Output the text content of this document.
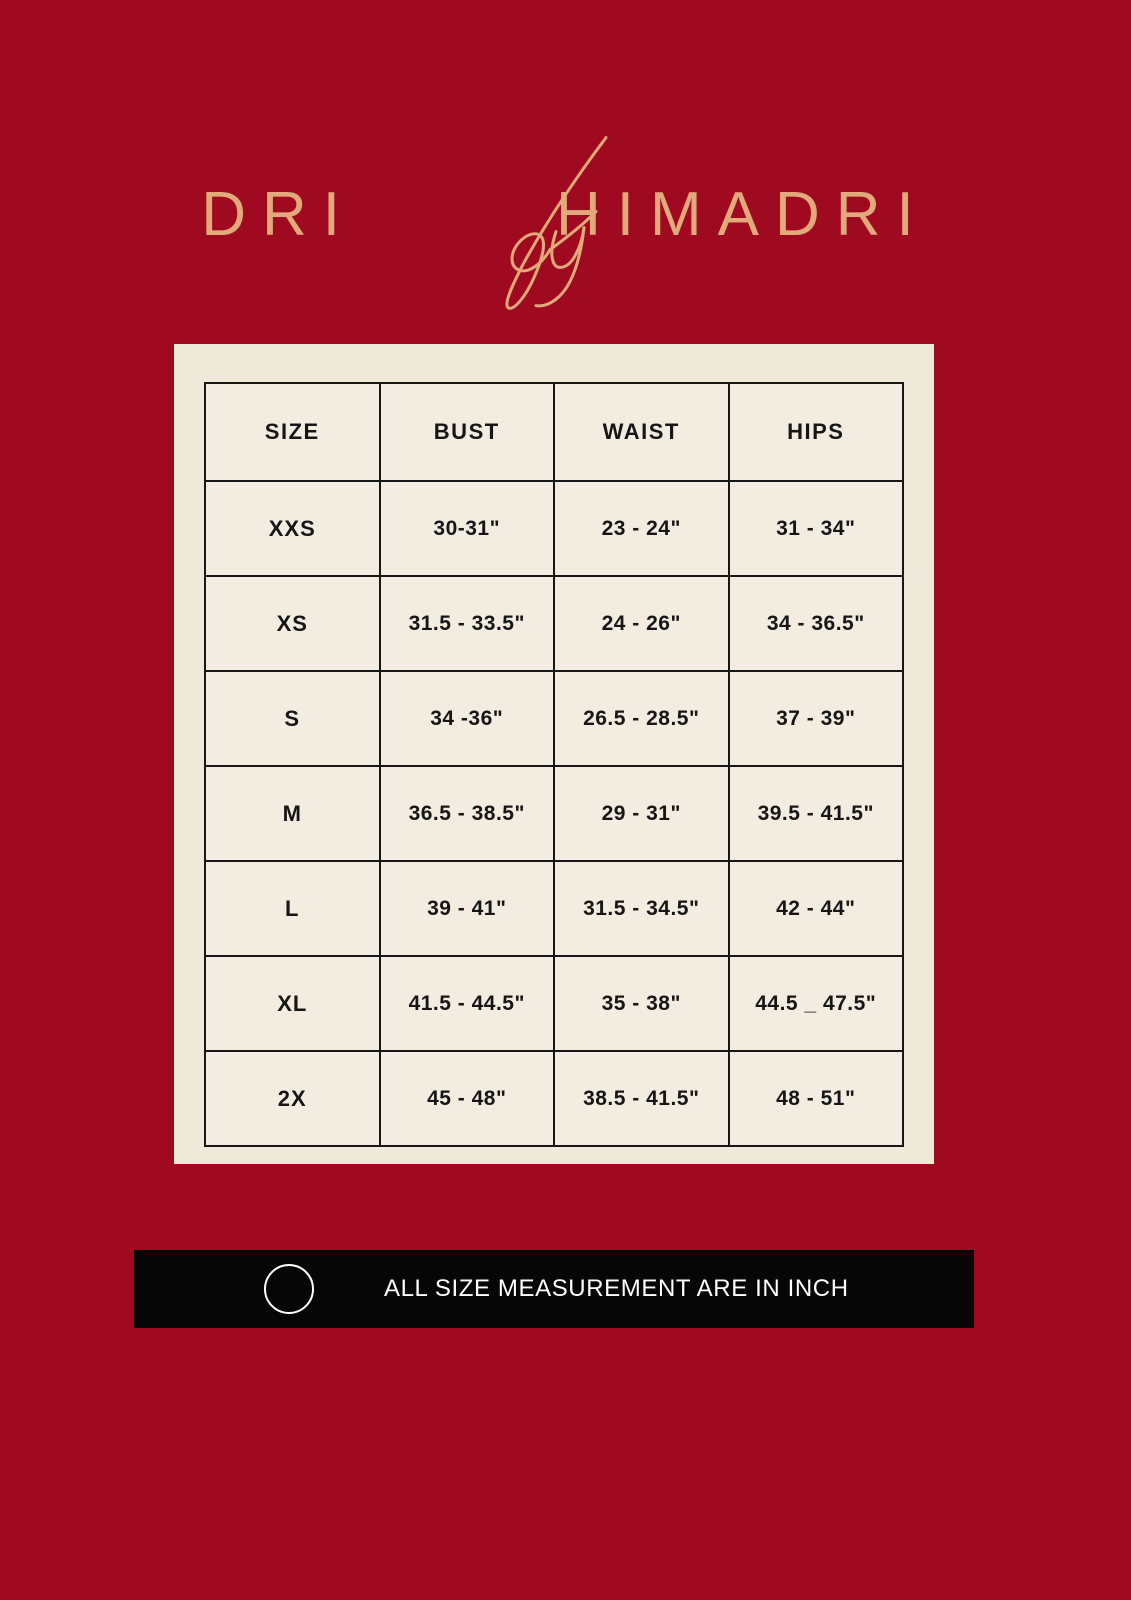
DRI	HIMADRI
SIZE	BUST	WAIST	HIPS
XXS	30-31"	23 - 24"	31 - 34"
XS	31.5 - 33.5"	24 - 26"	34 - 36.5"
S	34 -36"	26.5 - 28.5"	37 - 39"
M	36.5 - 38.5"	29 - 31"	39.5 - 41.5"
L	39 - 41"	31.5 - 34.5"	42 - 44"
XL	41.5 - 44.5"	35 - 38"	44.5 _ 47.5"
2X	45 - 48"	38.5 - 41.5"	48 - 51"
ALL SIZE MEASUREMENT ARE IN INCH
